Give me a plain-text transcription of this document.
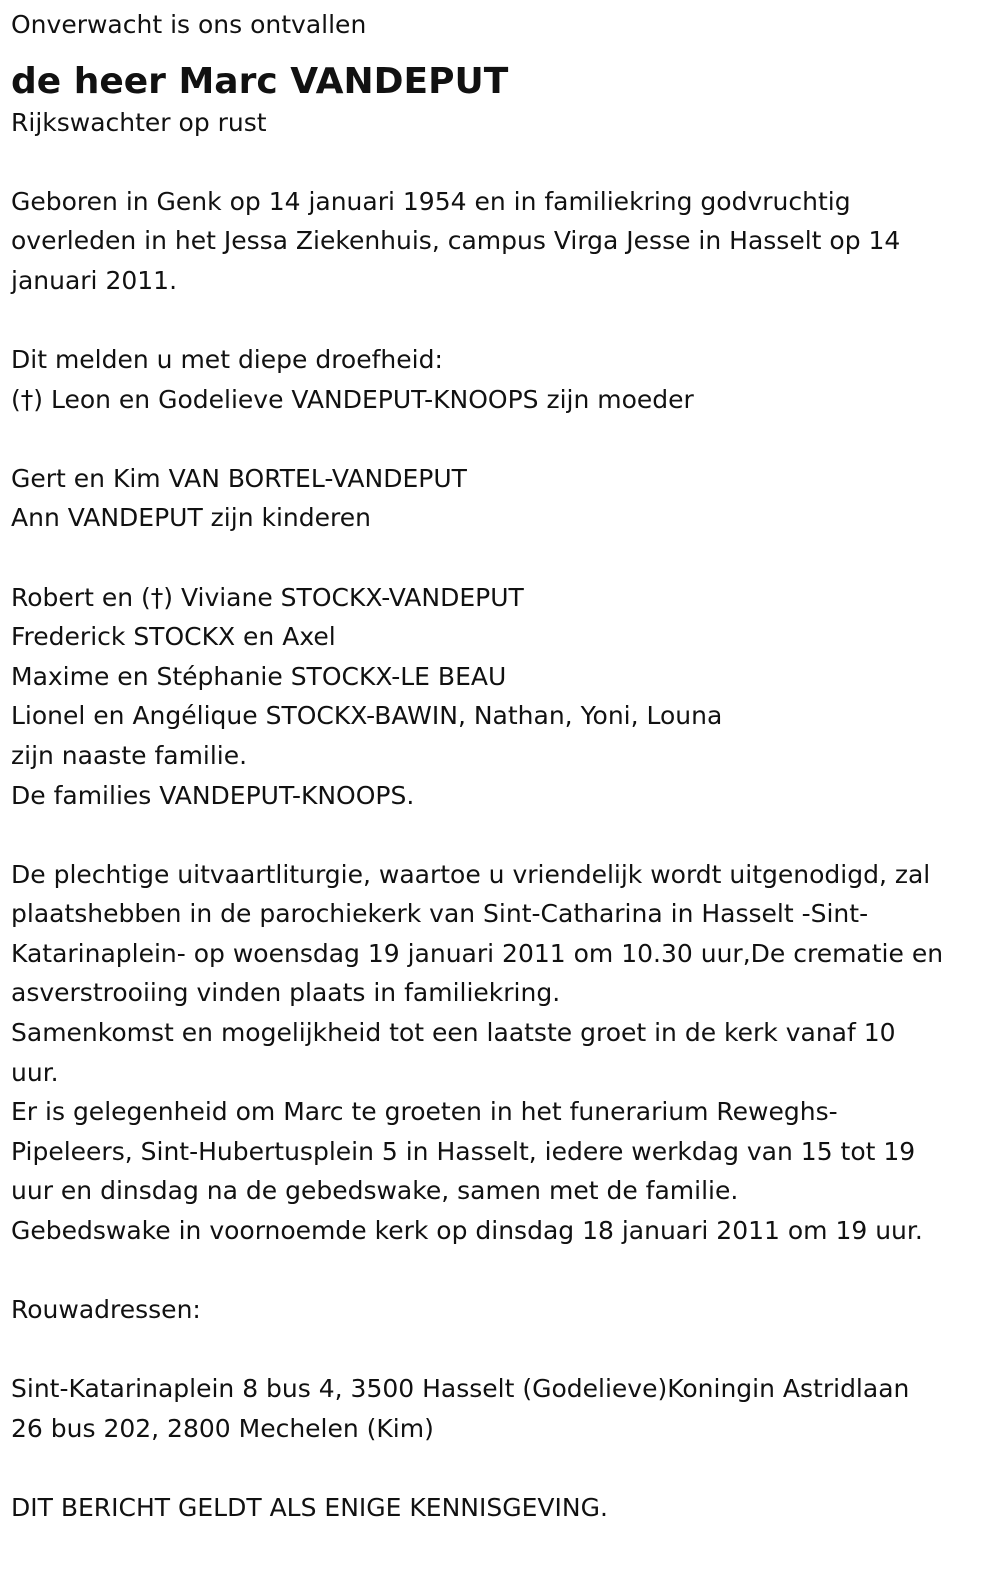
Onverwacht is ons ontvallen

de heer Marc VANDEPUT

Rijkswachter op rust

Geboren in Genk op 14 januari 1954 en in familiekring godvruchtig
overleden in het Jessa Ziekenhuis, campus Virga Jesse in Hasselt op 14
januari 2011.

Dit melden u met diepe droefheid:
(†) Leon en Godelieve VANDEPUT-KNOOPS zijn moeder
Gert en Kim VAN BORTEL-VANDEPUT
Ann VANDEPUT zijn kinderen
Robert en (†) Viviane STOCKX-VANDEPUT
Frederick STOCKX en Axel
Maxime en Stéphanie STOCKX-LE BEAU
Lionel en Angélique STOCKX-BAWIN, Nathan, Yoni, Louna
zijn naaste familie.
De families VANDEPUT-KNOOPS.

De plechtige uitvaartliturgie, waartoe u vriendelijk wordt uitgenodigd, zal
plaatshebben in de parochiekerk van Sint-Catharina in Hasselt -Sint-
Katarinaplein- op woensdag 19 januari 2011 om 10.30 uur,De crematie en
asverstrooiing vinden plaats in familiekring.
Samenkomst en mogelijkheid tot een laatste groet in de kerk vanaf 10
uur.
Er is gelegenheid om Marc te groeten in het funerarium Reweghs-
Pipeleers, Sint-Hubertusplein 5 in Hasselt, iedere werkdag van 15 tot 19
uur en dinsdag na de gebedswake, samen met de familie.
Gebedswake in voornoemde kerk op dinsdag 18 januari 2011 om 19 uur.

Rouwadressen:

Sint-Katarinaplein 8 bus 4, 3500 Hasselt (Godelieve)Koningin Astridlaan
26 bus 202, 2800 Mechelen (Kim)

DIT BERICHT GELDT ALS ENIGE KENNISGEVING.
